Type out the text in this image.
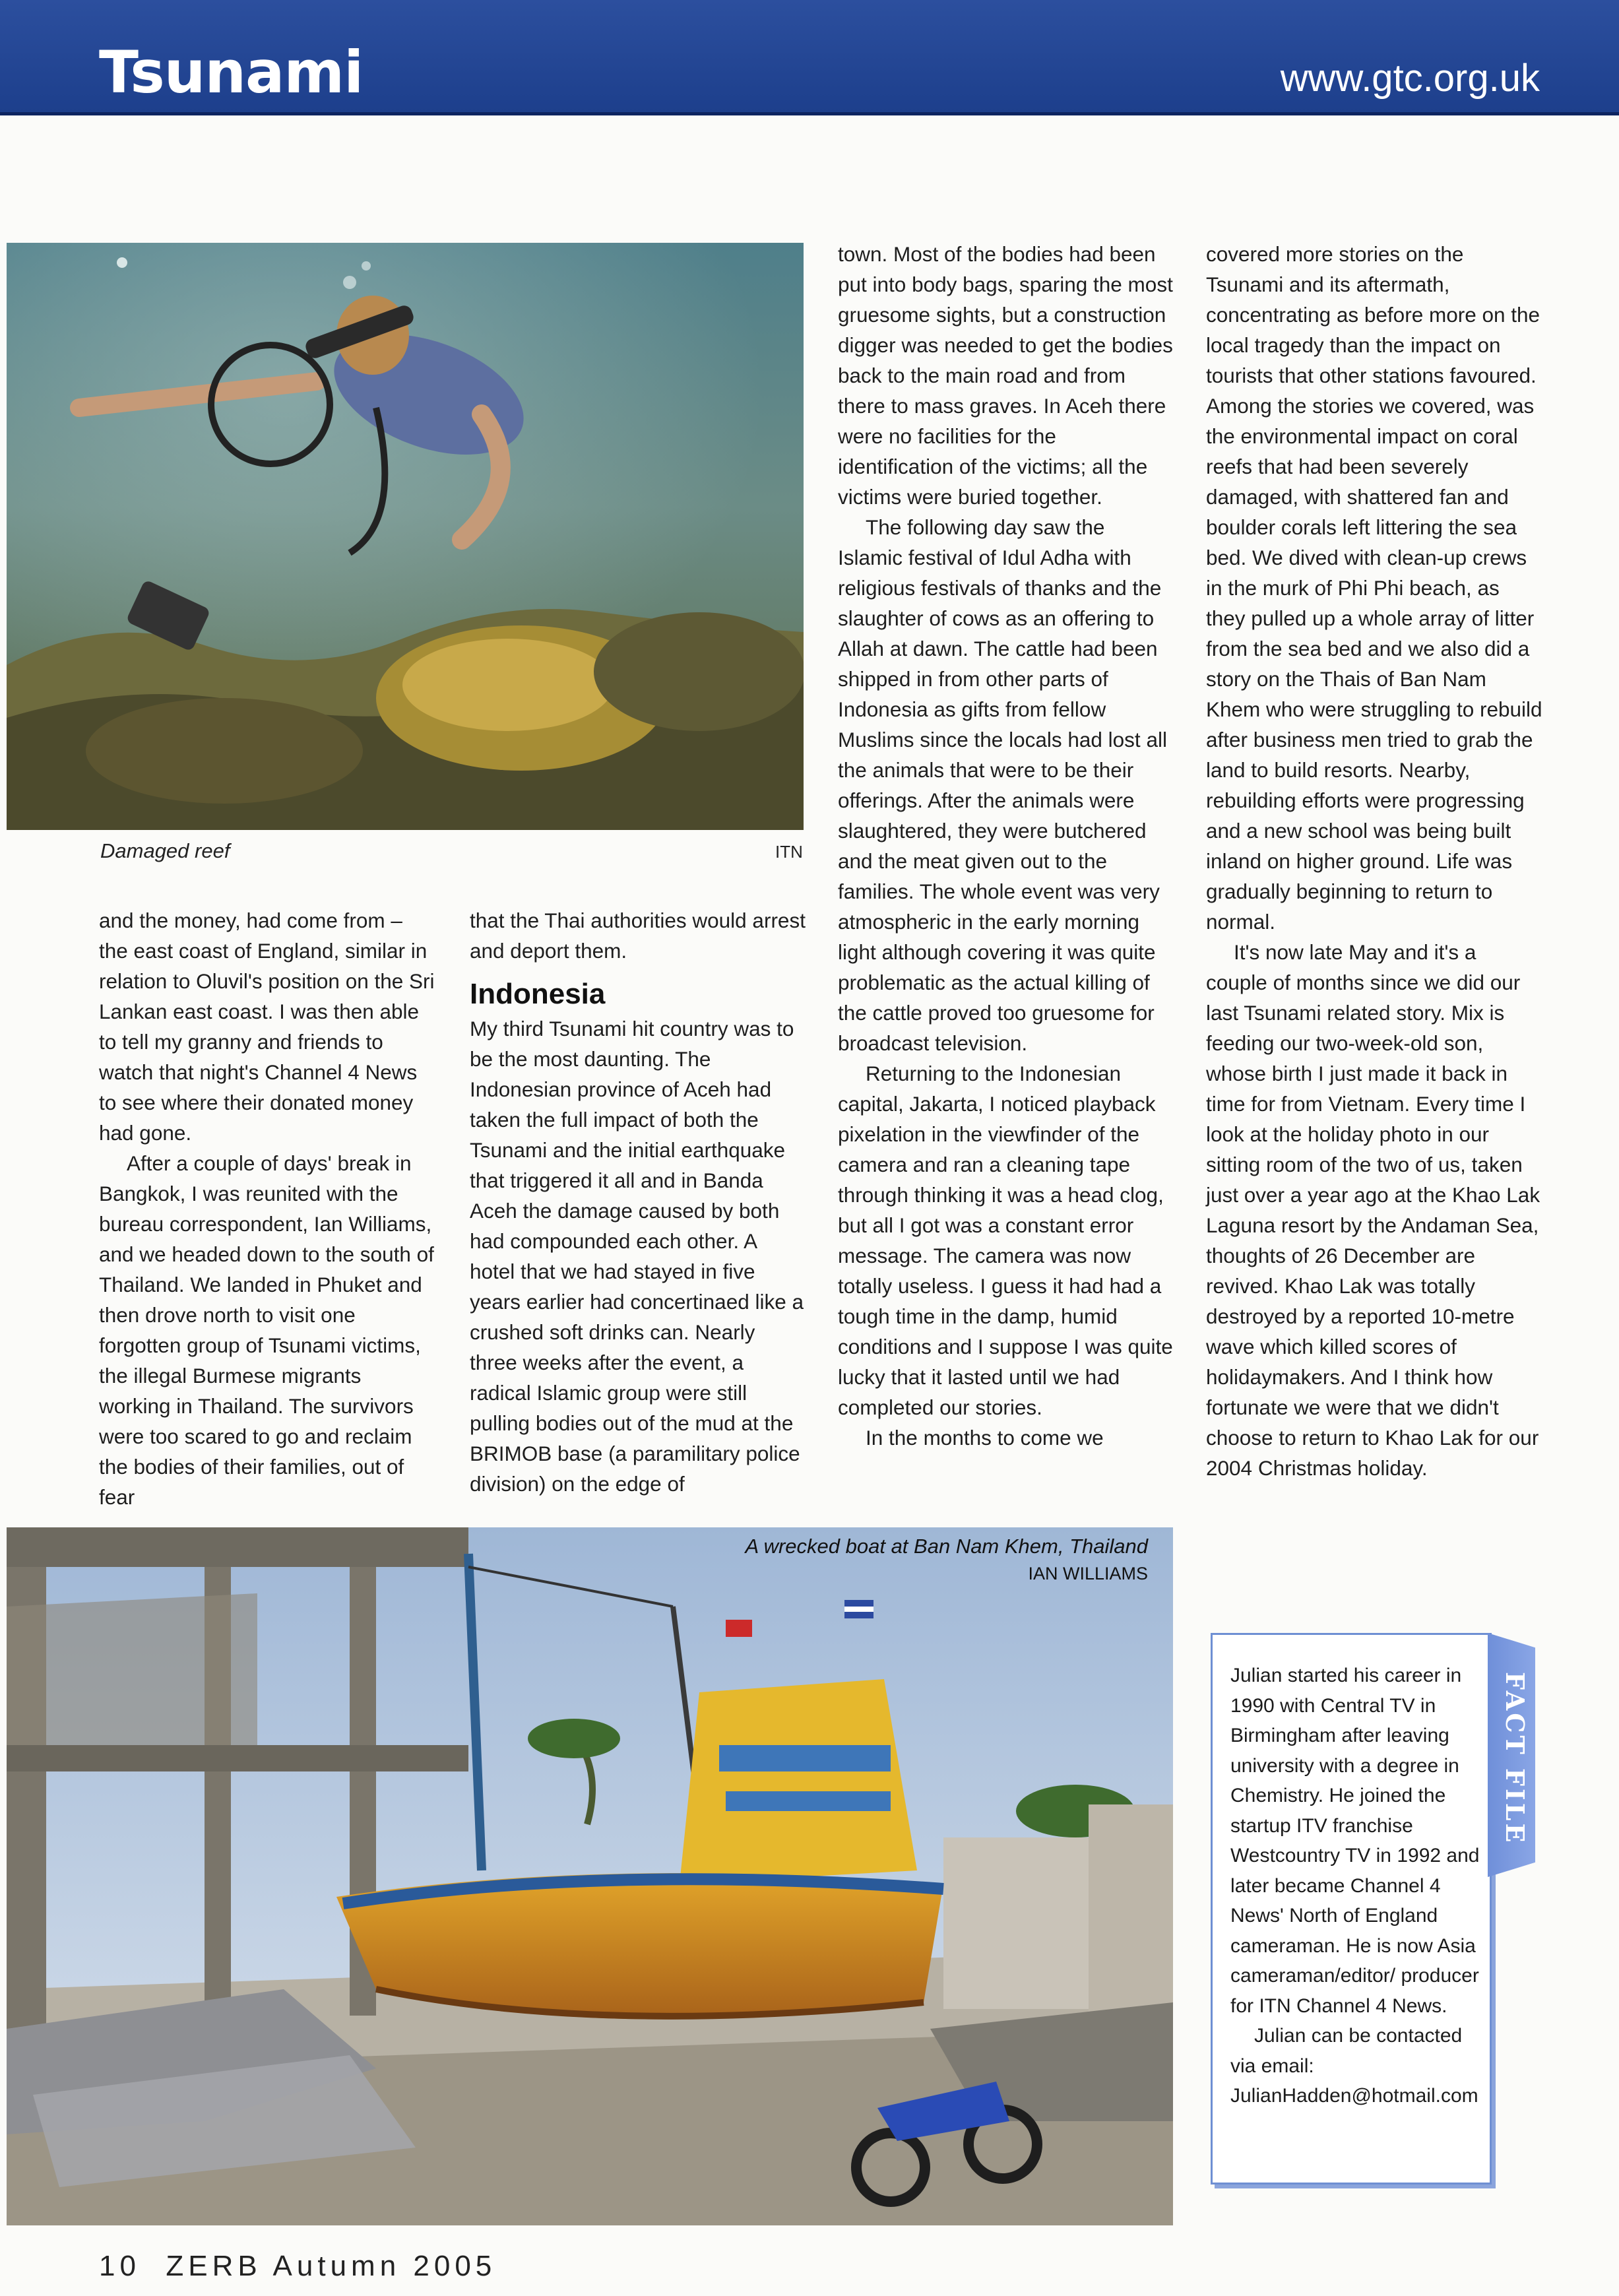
Tsunami	www.gtc.org.uk
Damaged reef	ITN

and the money, had come from – the east coast of England, similar in relation to Oluvil's position on the Sri Lankan east coast. I was then able to tell my granny and friends to watch that night's Channel 4 News to see where their donated money had gone.

After a couple of days' break in Bangkok, I was reunited with the bureau correspondent, Ian Williams, and we headed down to the south of Thailand. We landed in Phuket and then drove north to visit one forgotten group of Tsunami victims, the illegal Burmese migrants working in Thailand. The survivors were too scared to go and reclaim the bodies of their families, out of fear

that the Thai authorities would arrest and deport them.

Indonesia

My third Tsunami hit country was to be the most daunting. The Indonesian province of Aceh had taken the full impact of both the Tsunami and the initial earthquake that triggered it all and in Banda Aceh the damage caused by both had compounded each other. A hotel that we had stayed in five years earlier had concertinaed like a crushed soft drinks can. Nearly three weeks after the event, a radical Islamic group were still pulling bodies out of the mud at the BRIMOB base (a paramilitary police division) on the edge of

town. Most of the bodies had been put into body bags, sparing the most gruesome sights, but a construction digger was needed to get the bodies back to the main road and from there to mass graves. In Aceh there were no facilities for the identification of the victims; all the victims were buried together.

The following day saw the Islamic festival of Idul Adha with religious festivals of thanks and the slaughter of cows as an offering to Allah at dawn. The cattle had been shipped in from other parts of Indonesia as gifts from fellow Muslims since the locals had lost all the animals that were to be their offerings. After the animals were slaughtered, they were butchered and the meat given out to the families. The whole event was very atmospheric in the early morning light although covering it was quite problematic as the actual killing of the cattle proved too gruesome for broadcast television.

Returning to the Indonesian capital, Jakarta, I noticed playback pixelation in the viewfinder of the camera and ran a cleaning tape through thinking it was a head clog, but all I got was a constant error message. The camera was now totally useless. I guess it had had a tough time in the damp, humid conditions and I suppose I was quite lucky that it lasted until we had completed our stories.

In the months to come we

covered more stories on the Tsunami and its aftermath, concentrating as before more on the local tragedy than the impact on tourists that other stations favoured. Among the stories we covered, was the environmental impact on coral reefs that had been severely damaged, with shattered fan and boulder corals left littering the sea bed. We dived with clean-up crews in the murk of Phi Phi beach, as they pulled up a whole array of litter from the sea bed and we also did a story on the Thais of Ban Nam Khem who were struggling to rebuild after business men tried to grab the land to build resorts. Nearby, rebuilding efforts were progressing and a new school was being built inland on higher ground. Life was gradually beginning to return to normal.

It's now late May and it's a couple of months since we did our last Tsunami related story. Mix is feeding our two-week-old son, whose birth I just made it back in time for from Vietnam. Every time I look at the holiday photo in our sitting room of the two of us, taken just over a year ago at the Khao Lak Laguna resort by the Andaman Sea, thoughts of 26 December are revived. Khao Lak was totally destroyed by a reported 10-metre wave which killed scores of holidaymakers. And I think how fortunate we were that we didn't choose to return to Khao Lak for our 2004 Christmas holiday.

A wrecked boat at Ban Nam Khem, Thailand
IAN WILLIAMS
FACT FILE

Julian started his career in 1990 with Central TV in Birmingham after leaving university with a degree in Chemistry. He joined the startup ITV franchise Westcountry TV in 1992 and later became Channel 4 News' North of England cameraman. He is now Asia cameraman/editor/ producer for ITN Channel 4 News.

Julian can be contacted via email:

JulianHadden@hotmail.com

10  ZERB Autumn 2005
